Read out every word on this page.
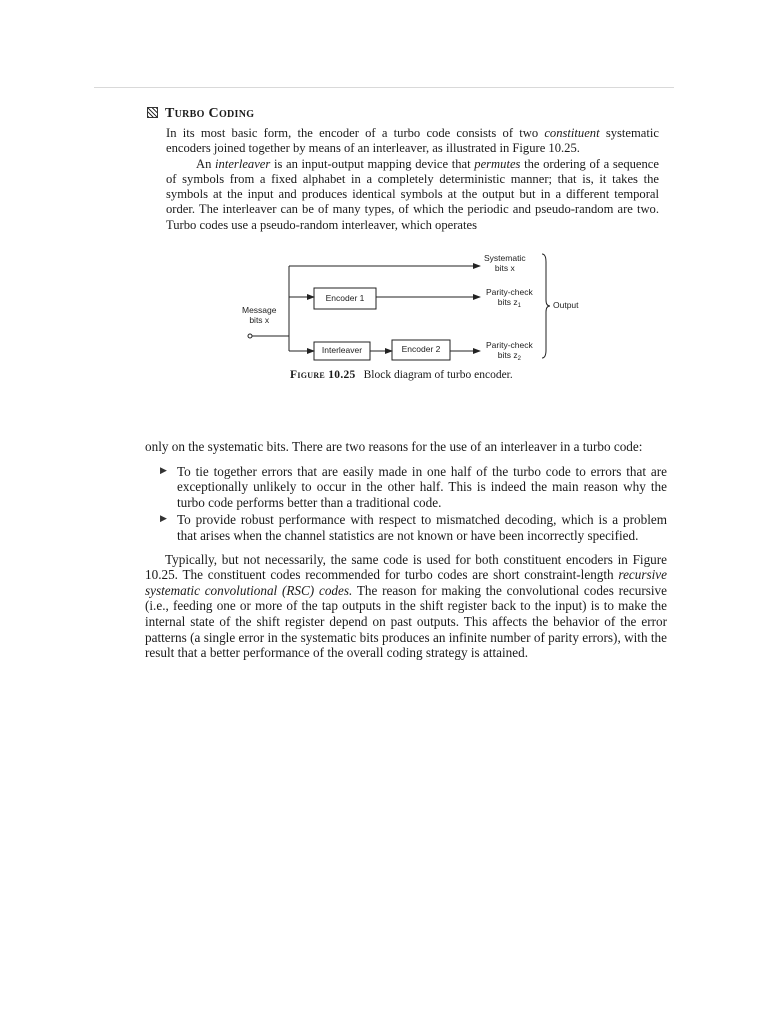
Turbo Coding

In its most basic form, the encoder of a turbo code consists of two constituent systematic encoders joined together by means of an interleaver, as illustrated in Figure 10.25.

An interleaver is an input-output mapping device that permutes the ordering of a sequence of symbols from a fixed alphabet in a completely deterministic manner; that is, it takes the symbols at the input and produces identical symbols at the output but in a different temporal order. The interleaver can be of many types, of which the periodic and pseudo-random are two. Turbo codes use a pseudo-random interleaver, which operates

Systematic
bits x
Parity-check
bits $z_1$
Parity-check
bits $z_2$
Message
bits x
Output
Encoder 1
Interleaver	Encoder 2
Figure 10.25 Block diagram of turbo encoder.

only on the systematic bits. There are two reasons for the use of an interleaver in a turbo code:

▶ To tie together errors that are easily made in one half of the turbo code to errors that are exceptionally unlikely to occur in the other half. This is indeed the main reason why the turbo code performs better than a traditional code.
▶ To provide robust performance with respect to mismatched decoding, which is a problem that arises when the channel statistics are not known or have been incorrectly specified.

Typically, but not necessarily, the same code is used for both constituent encoders in Figure 10.25. The constituent codes recommended for turbo codes are short constraint-length recursive systematic convolutional (RSC) codes. The reason for making the convolutional codes recursive (i.e., feeding one or more of the tap outputs in the shift register back to the input) is to make the internal state of the shift register depend on past outputs. This affects the behavior of the error patterns (a single error in the systematic bits produces an infinite number of parity errors), with the result that a better performance of the overall coding strategy is attained.
